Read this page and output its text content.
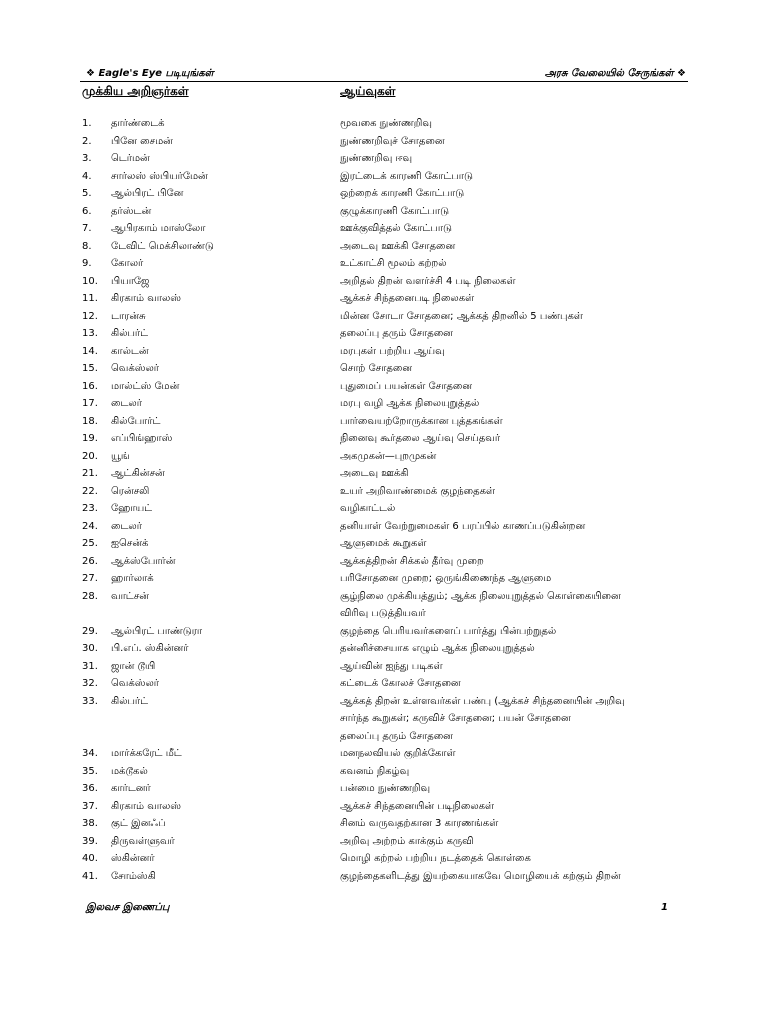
❖ Eagle's Eye படியுங்கள்	அரசு வேலையில் சேருங்கள் ❖
முக்கிய அறிஞர்கள்	ஆய்வுகள்
1.	தார்ண்டைக்	மூவகை நுண்ணறிவு
2.	பினே சைமன்	நுண்ணறிவுச் சோதனை
3.	டெர்மன்	நுண்ணறிவு ஈவு
4.	சார்லஸ் ஸ்பியர்மேன்	இரட்டைக் காரணி கோட்பாடு
5.	ஆல்பிரட் பினே	ஒற்றைக் காரணி கோட்பாடு
6.	தர்ஸ்டன்	குழுக்காரணி கோட்பாடு
7.	ஆபிரகாம் மாஸ்லோ	ஊக்குவித்தல் கோட்பாடு
8.	டேவிட் மெக்சிலாண்டு	அடைவு ஊக்கி சோதனை
9.	கோலர்	உட்காட்சி மூலம் கற்றல்
10.	பியாஜே	அறிதல் திறன் வளர்ச்சி 4 படி நிலைகள்
11.	கிரகாம் வாலஸ்	ஆக்கச் சிந்தனைபடி நிலைகள்
12.	டாரன்சு	மின்ன சோடா சோதனை; ஆக்கத் திறனில் 5 பண்புகள்
13.	கில்பர்ட்	தலைப்பு தரும் சோதனை
14.	கால்டன்	மரபுகள் பற்றிய ஆய்வு
15.	வெக்ஸ்லர்	சொற் சோதனை
16.	மால்ட்ஸ் மேன்	புதுமைப் பயன்கள் சோதனை
17.	டைலர்	மரபு வழி ஆக்க நிலையுறுத்தல்
18.	கில்போர்ட்	பார்வையற்றோருக்கான புத்தகங்கள்
19.	எப்பிங்ஹாஸ்	நினைவு கூர்தலை ஆய்வு செய்தவர்
20.	யூங்	அகமுகன்—புறமுகன்
21.	ஆட்கின்சன்	அடைவு ஊக்கி
22.	ரென்சலி	உயர் அறிவாண்மைக் குழந்தைகள்
23.	ஹோயட்	வழிகாட்டல்
24.	டைலர்	தனியாள் வேற்றுமைகள் 6 பரப்பில் காணப்படுகின்றன
25.	ஐசென்க்	ஆளுமைக் கூறுகள்
26.	ஆக்ஸ்போர்ன்	ஆக்கத்திறன் சிக்கல் தீர்வு முறை
27.	ஹார்லாக்	பரிசோதனை முறை; ஒருங்கிணைந்த ஆளுமை
28.	வாட்சன்	சூழ்நிலை முக்கியத்தும்; ஆக்க நிலையுறுத்தல் கொள்கையினை
விரிவு படுத்தியவர்
29.	ஆல்பிரட் பாண்டுரா	குழந்தை பெரியவர்களைப் பார்த்து பின்பற்றுதல்
30.	பி.எப். ஸ்கின்னர்	தன்னிச்சையாக எழும் ஆக்க நிலையுறுத்தல்
31.	ஜான் டூயி	ஆய்வின் ஐந்து படிகள்
32.	வெக்ஸ்லர்	கட்டைக் கோலச் சோதனை
33.	கில்பர்ட்	ஆக்கத் திறன் உள்ளவர்கள் பண்பு (ஆக்கச் சிந்தனையின் அறிவு
சார்ந்த கூறுகள்; கருவிச் சோதனை; பயன் சோதனை
தலைப்பு தரும் சோதனை
34.	மார்க்கரேட் மீட்	மனநலவியல் குறிக்கோள்
35.	மக்டூகல்	கவனம் நிகழ்வு
36.	கார்டனர்	பன்மை நுண்ணறிவு
37.	கிரகாம் வாலஸ்	ஆக்கச் சிந்தனையின் படிநிலைகள்
38.	குட் இனஃப்	சினம் வருவதற்கான 3 காரணங்கள்
39.	திருவள்ளுவர்	அறிவு அற்றம் காக்கும் கருவி
40.	ஸ்கின்னர்	மொழி கற்றல் பற்றிய நடத்தைக் கொள்கை
41.	சோம்ஸ்கி	குழந்தைகளிடத்து இயற்கையாகவே மொழியைக் கற்கும் திறன்
இலவச இணைப்பு	1
